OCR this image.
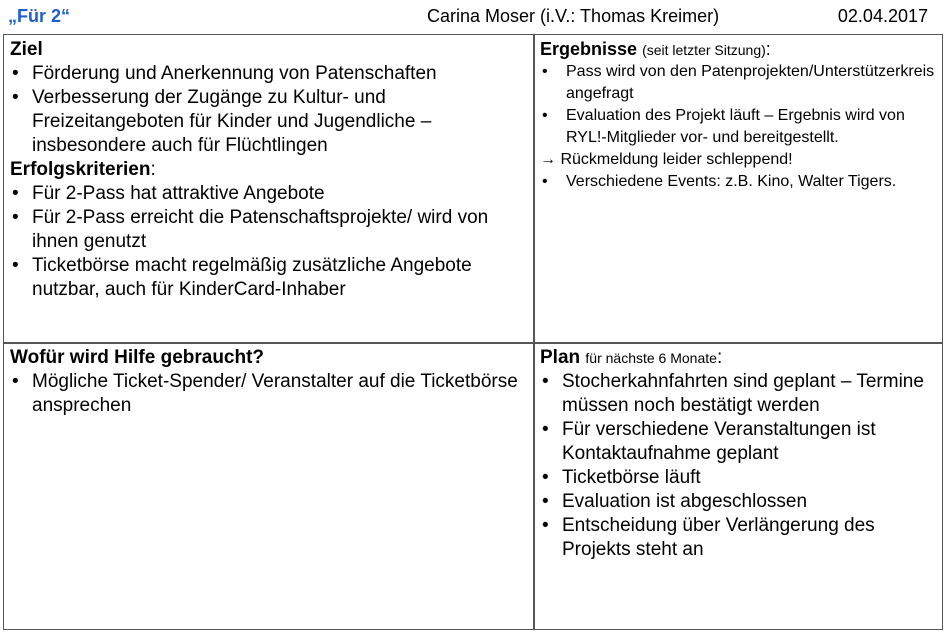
„Für 2“	Carina Moser (i.V.: Thomas Kreimer)	02.04.2017
Ziel
• Förderung und Anerkennung von Patenschaften
• Verbesserung der Zugänge zu Kultur- und Freizeitangeboten für Kinder und Jugendliche – insbesondere auch für Flüchtlingen
Erfolgskriterien:
• Für 2-Pass hat attraktive Angebote
• Für 2-Pass erreicht die Patenschaftsprojekte/ wird von ihnen genutzt
• Ticketbörse macht regelmäßig zusätzliche Angebote nutzbar, auch für KinderCard-Inhaber
Ergebnisse (seit letzter Sitzung):
• Pass wird von den Patenprojekten/Unterstützerkreis angefragt
• Evaluation des Projekt läuft – Ergebnis wird von RYL!-Mitglieder vor- und bereitgestellt.
→ Rückmeldung leider schleppend!
• Verschiedene Events: z.B. Kino, Walter Tigers.
Wofür wird Hilfe gebraucht?
• Mögliche Ticket-Spender/ Veranstalter auf die Ticketbörse ansprechen
Plan für nächste 6 Monate:
• Stocherkahnfahrten sind geplant – Termine müssen noch bestätigt werden
• Für verschiedene Veranstaltungen ist Kontaktaufnahme geplant
• Ticketbörse läuft
• Evaluation ist abgeschlossen
• Entscheidung über Verlängerung des Projekts steht an
